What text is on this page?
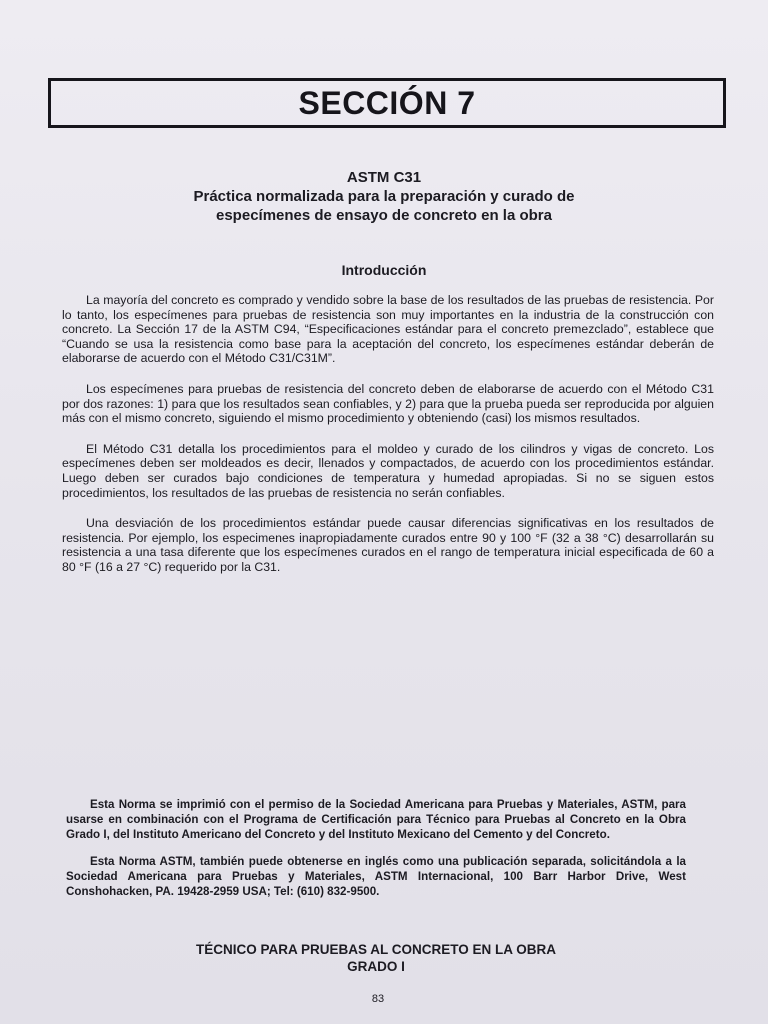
SECCIÓN 7
ASTM C31
Práctica normalizada para la preparación y curado de
especímenes de ensayo de concreto en la obra
Introducción

La mayoría del concreto es comprado y vendido sobre la base de los resultados de las pruebas de resistencia. Por lo tanto, los especímenes para pruebas de resistencia son muy importantes en la industria de la construcción con concreto. La Sección 17 de la ASTM C94, “Especificaciones estándar para el concreto premezclado”, establece que “Cuando se usa la resistencia como base para la aceptación del concreto, los especímenes estándar deberán de elaborarse de acuerdo con el Método C31/C31M”.

Los especímenes para pruebas de resistencia del concreto deben de elaborarse de acuerdo con el Método C31 por dos razones: 1) para que los resultados sean confiables, y 2) para que la prueba pueda ser reproducida por alguien más con el mismo concreto, siguiendo el mismo procedimiento y obteniendo (casi) los mismos resultados.

El Método C31 detalla los procedimientos para el moldeo y curado de los cilindros y vigas de concreto. Los especímenes deben ser moldeados es decir, llenados y compactados, de acuerdo con los procedimientos estándar. Luego deben ser curados bajo condiciones de temperatura y humedad apropiadas. Si no se siguen estos procedimientos, los resultados de las pruebas de resistencia no serán confiables.

Una desviación de los procedimientos estándar puede causar diferencias significativas en los resultados de resistencia. Por ejemplo, los especimenes inapropiadamente curados entre 90 y 100 °F (32 a 38 °C) desarrollarán su resistencia a una tasa diferente que los especímenes curados en el rango de temperatura inicial especificada de 60 a 80 °F (16 a 27 °C) requerido por la C31.

Esta Norma se imprimió con el permiso de la Sociedad Americana para Pruebas y Materiales, ASTM, para usarse en combinación con el Programa de Certificación para Técnico para Pruebas al Concreto en la Obra Grado I, del Instituto Americano del Concreto y del Instituto Mexicano del Cemento y del Concreto.

Esta Norma ASTM, también puede obtenerse en inglés como una publicación separada, solicitándola a la Sociedad Americana para Pruebas y Materiales, ASTM Internacional, 100 Barr Harbor Drive, West Conshohacken, PA. 19428-2959 USA; Tel: (610) 832-9500.

TÉCNICO PARA PRUEBAS AL CONCRETO EN LA OBRA
GRADO I
83
